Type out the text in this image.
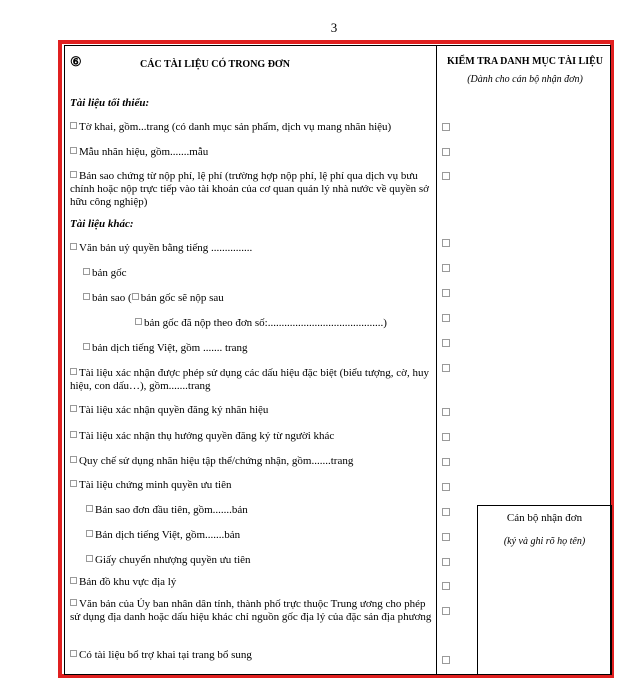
3
⑥	CÁC TÀI LIỆU CÓ TRONG ĐƠN	KIỂM TRA DANH MỤC TÀI LIỆU
(Dành cho cán bộ nhận đơn)
Tài liệu tối thiểu:
Tờ khai, gồm...trang (có danh mục sản phẩm, dịch vụ mang nhãn hiệu)
Mẫu nhãn hiệu, gồm.......mẫu
Bản sao chứng từ nộp phí, lệ phí (trường hợp nộp phí, lệ phí qua dịch vụ bưu chính hoặc nộp trực tiếp vào tài khoản của cơ quan quản lý nhà nước về quyền sở hữu công nghiệp)
Tài liệu khác:
Văn bản uỷ quyền bằng tiếng ...............
bản gốc
bản sao ( bản gốc sẽ nộp sau
bản gốc đã nộp theo đơn số:..........................................)
bản dịch tiếng Việt, gồm ....... trang
Tài liệu xác nhận được phép sử dụng các dấu hiệu đặc biệt (biểu tượng, cờ, huy hiệu, con dấu…), gồm.......trang
Tài liệu xác nhận quyền đăng ký nhãn hiệu
Tài liệu xác nhận thụ hưởng quyền đăng ký từ người khác
Quy chế sử dụng nhãn hiệu tập thể/chứng nhận, gồm.......trang
Tài liệu chứng minh quyền ưu tiên
Bản sao đơn đầu tiên, gồm.......bản
Bản dịch tiếng Việt, gồm.......bản
Giấy chuyển nhượng quyền ưu tiên
Bản đồ khu vực địa lý
Văn bản của Ủy ban nhân dân tỉnh, thành phố trực thuộc Trung ương cho phép sử dụng địa danh hoặc dấu hiệu khác chỉ nguồn gốc địa lý của đặc sản địa phương
Có tài liệu bổ trợ khai tại trang bổ sung
Cán bộ nhận đơn
(ký và ghi rõ họ tên)
